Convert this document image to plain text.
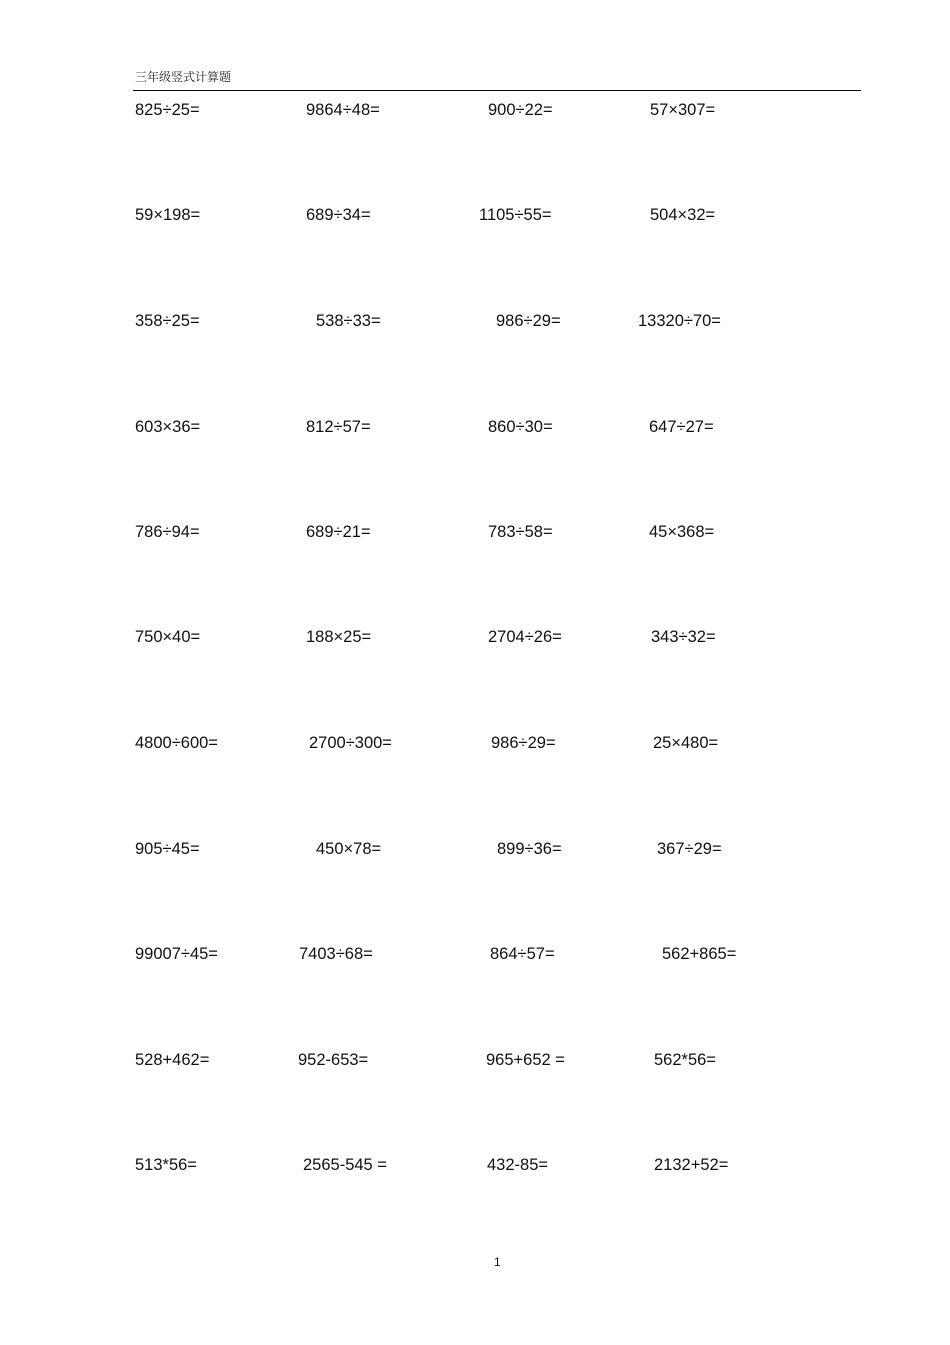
三年级竖式计算题
825÷25=	9864÷48=	900÷22=	57×307=
59×198=	689÷34=	1105÷55=	504×32=
358÷25=	538÷33=	986÷29=	13320÷70=
603×36=	812÷57=	860÷30=	647÷27=
786÷94=	689÷21=	783÷58=	45×368=
750×40=	188×25=	2704÷26=	343÷32=
4800÷600=	2700÷300=	986÷29=	25×480=
905÷45=	450×78=	899÷36=	367÷29=
99007÷45=	7403÷68=	864÷57=	562+865=
528+462=	952-653=	965+652 =	562*56=
513*56=	2565-545 =	432-85=	2132+52=
1
